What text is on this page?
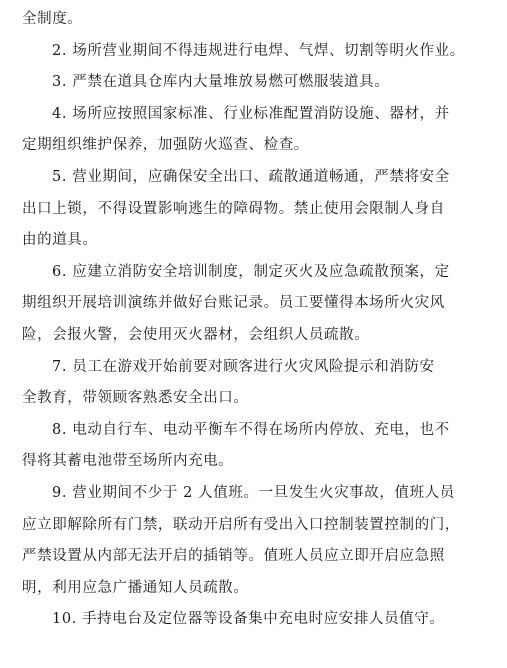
全制度。
2. 场所营业期间不得违规进行电焊、气焊、切割等明火作业。
3. 严禁在道具仓库内大量堆放易燃可燃服装道具。
4. 场所应按照国家标准、行业标准配置消防设施、器材，并
定期组织维护保养，加强防火巡查、检查。
5. 营业期间，应确保安全出口、疏散通道畅通，严禁将安全
出口上锁，不得设置影响逃生的障碍物。禁止使用会限制人身自
由的道具。
6. 应建立消防安全培训制度，制定灭火及应急疏散预案，定
期组织开展培训演练并做好台账记录。员工要懂得本场所火灾风
险，会报火警，会使用灭火器材，会组织人员疏散。
7. 员工在游戏开始前要对顾客进行火灾风险提示和消防安
全教育，带领顾客熟悉安全出口。
8. 电动自行车、电动平衡车不得在场所内停放、充电，也不
得将其蓄电池带至场所内充电。
9. 营业期间不少于 2 人值班。一旦发生火灾事故，值班人员
应立即解除所有门禁，联动开启所有受出入口控制装置控制的门，
严禁设置从内部无法开启的插销等。值班人员应立即开启应急照
明，利用应急广播通知人员疏散。
10. 手持电台及定位器等设备集中充电时应安排人员值守。
